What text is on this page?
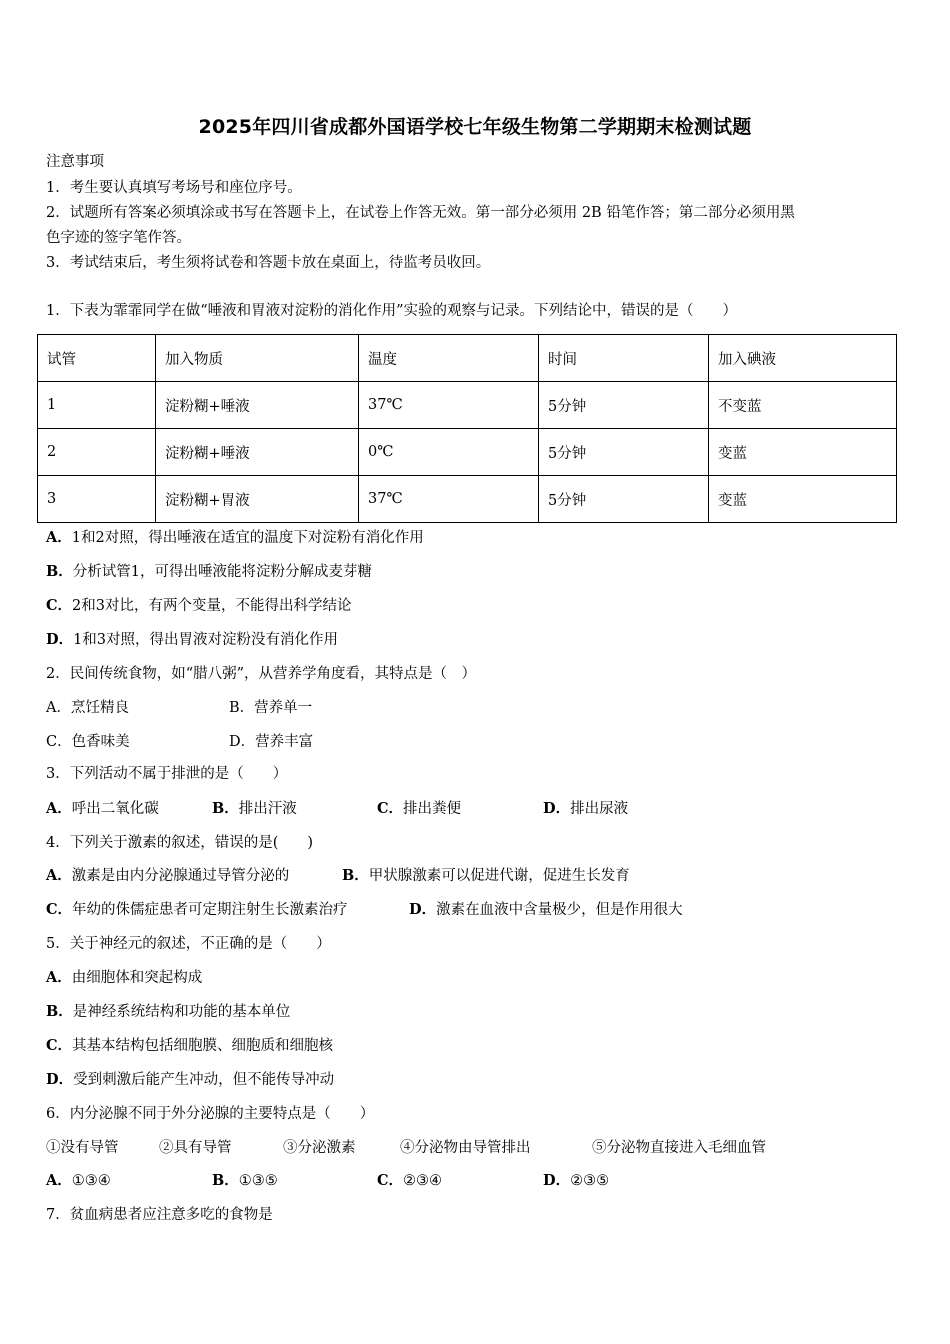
2025年四川省成都外国语学校七年级生物第二学期期末检测试题
注意事项
1．考生要认真填写考场号和座位序号。
2．试题所有答案必须填涂或书写在答题卡上，在试卷上作答无效。第一部分必须用 2B 铅笔作答；第二部分必须用黑
色字迹的签字笔作答。
3．考试结束后，考生须将试卷和答题卡放在桌面上，待监考员收回。
1．下表为霏霏同学在做“唾液和胃液对淀粉的消化作用”实验的观察与记录。下列结论中，错误的是（　　）
试管	加入物质	温度	时间	加入碘液
1	淀粉糊+唾液	37℃	5分钟	不变蓝
2	淀粉糊+唾液	0℃	5分钟	变蓝
3	淀粉糊+胃液	37℃	5分钟	变蓝
A．1和2对照，得出唾液在适宜的温度下对淀粉有消化作用
B．分析试管1，可得出唾液能将淀粉分解成麦芽糖
C．2和3对比，有两个变量，不能得出科学结论
D．1和3对照，得出胃液对淀粉没有消化作用
2．民间传统食物，如“腊八粥”，从营养学角度看，其特点是（　）
A．烹饪精良	B．营养单一
C．色香味美	D．营养丰富
3．下列活动不属于排泄的是（　　）
A．呼出二氧化碳	B．排出汗液	C．排出粪便	D．排出尿液
4．下列关于激素的叙述，错误的是(　　)
A．激素是由内分泌腺通过导管分泌的	B．甲状腺激素可以促进代谢，促进生长发育
C．年幼的侏儒症患者可定期注射生长激素治疗	D．激素在血液中含量极少，但是作用很大
5．关于神经元的叙述，不正确的是（　　）
A．由细胞体和突起构成
B．是神经系统结构和功能的基本单位
C．其基本结构包括细胞膜、细胞质和细胞核
D．受到刺激后能产生冲动，但不能传导冲动
6．内分泌腺不同于外分泌腺的主要特点是（　　）
①没有导管	②具有导管	③分泌激素	④分泌物由导管排出	⑤分泌物直接进入毛细血管
A．①③④	B．①③⑤	C．②③④	D．②③⑤
7．贫血病患者应注意多吃的食物是
